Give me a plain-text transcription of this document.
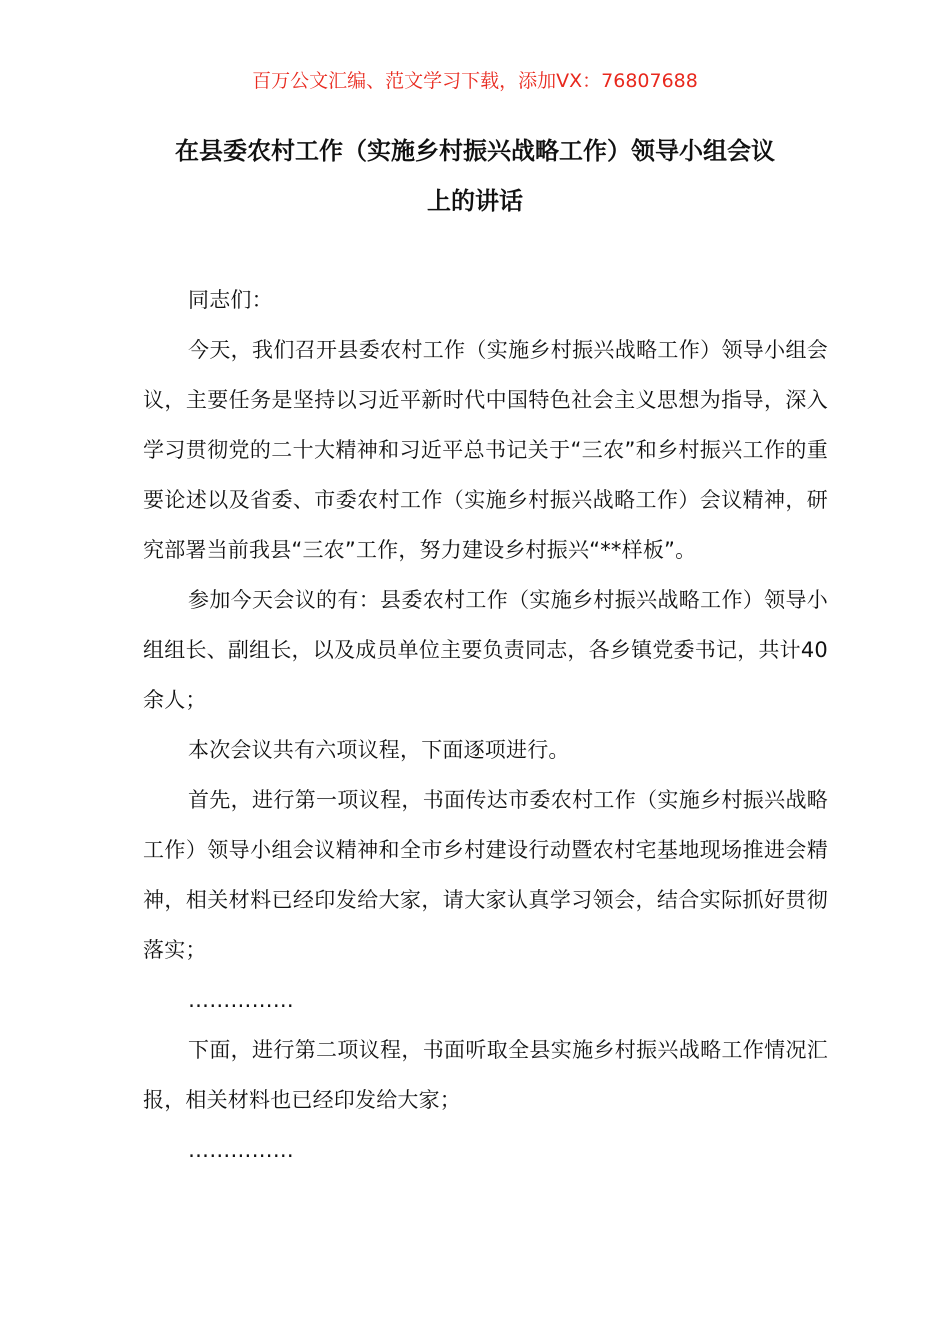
百万公文汇编、范文学习下载，添加VX：76807688
在县委农村工作（实施乡村振兴战略工作）领导小组会议
上的讲话

同志们：

今天，我们召开县委农村工作（实施乡村振兴战略工作）领导小组会议，主要任务是坚持以习近平新时代中国特色社会主义思想为指导，深入学习贯彻党的二十大精神和习近平总书记关于“三农”和乡村振兴工作的重要论述以及省委、市委农村工作（实施乡村振兴战略工作）会议精神，研究部署当前我县“三农”工作，努力建设乡村振兴“**样板”。

参加今天会议的有：县委农村工作（实施乡村振兴战略工作）领导小组组长、副组长，以及成员单位主要负责同志，各乡镇党委书记，共计40余人；

本次会议共有六项议程，下面逐项进行。

首先，进行第一项议程，书面传达市委农村工作（实施乡村振兴战略工作）领导小组会议精神和全市乡村建设行动暨农村宅基地现场推进会精神，相关材料已经印发给大家，请大家认真学习领会，结合实际抓好贯彻落实；

……………

下面，进行第二项议程，书面听取全县实施乡村振兴战略工作情况汇报，相关材料也已经印发给大家；

……………
